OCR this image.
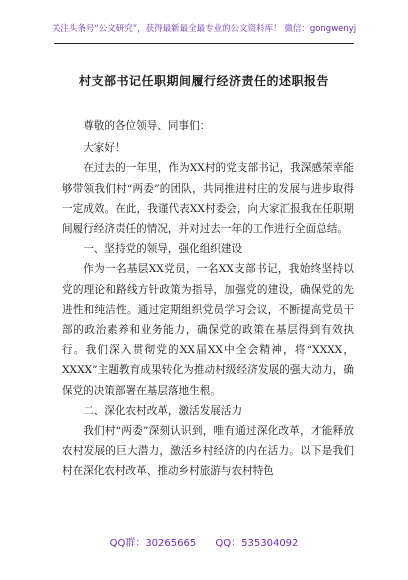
关注头条号“公文研究”，获得最新最全最专业的公文资料库！ 微信：gongwenyj
村支部书记任职期间履行经济责任的述职报告

尊敬的各位领导、同事们：

大家好！

在过去的一年里，作为XX村的党支部书记，我深感荣幸能够带领我们村“两委”的团队，共同推进村庄的发展与进步取得一定成效。在此，我谨代表XX村委会，向大家汇报我在任职期间履行经济责任的情况，并对过去一年的工作进行全面总结。

一、坚持党的领导，强化组织建设

作为一名基层XX党员，一名XX支部书记，我始终坚持以党的理论和路线方针政策为指导，加强党的建设，确保党的先进性和纯洁性。通过定期组织党员学习会议，不断提高党员干部的政治素养和业务能力，确保党的政策在基层得到有效执行。我们深入贯彻党的XX届XX中全会精神，将“XXXX，XXXX”主题教育成果转化为推动村级经济发展的强大动力，确保党的决策部署在基层落地生根。

二、深化农村改革，激活发展活力

我们村“两委”深刻认识到，唯有通过深化改革，才能释放农村发展的巨大潜力，激活乡村经济的内在活力。以下是我们村在深化农村改革、推动乡村旅游与农村特色

QQ群：30265665 QQ：535304092
